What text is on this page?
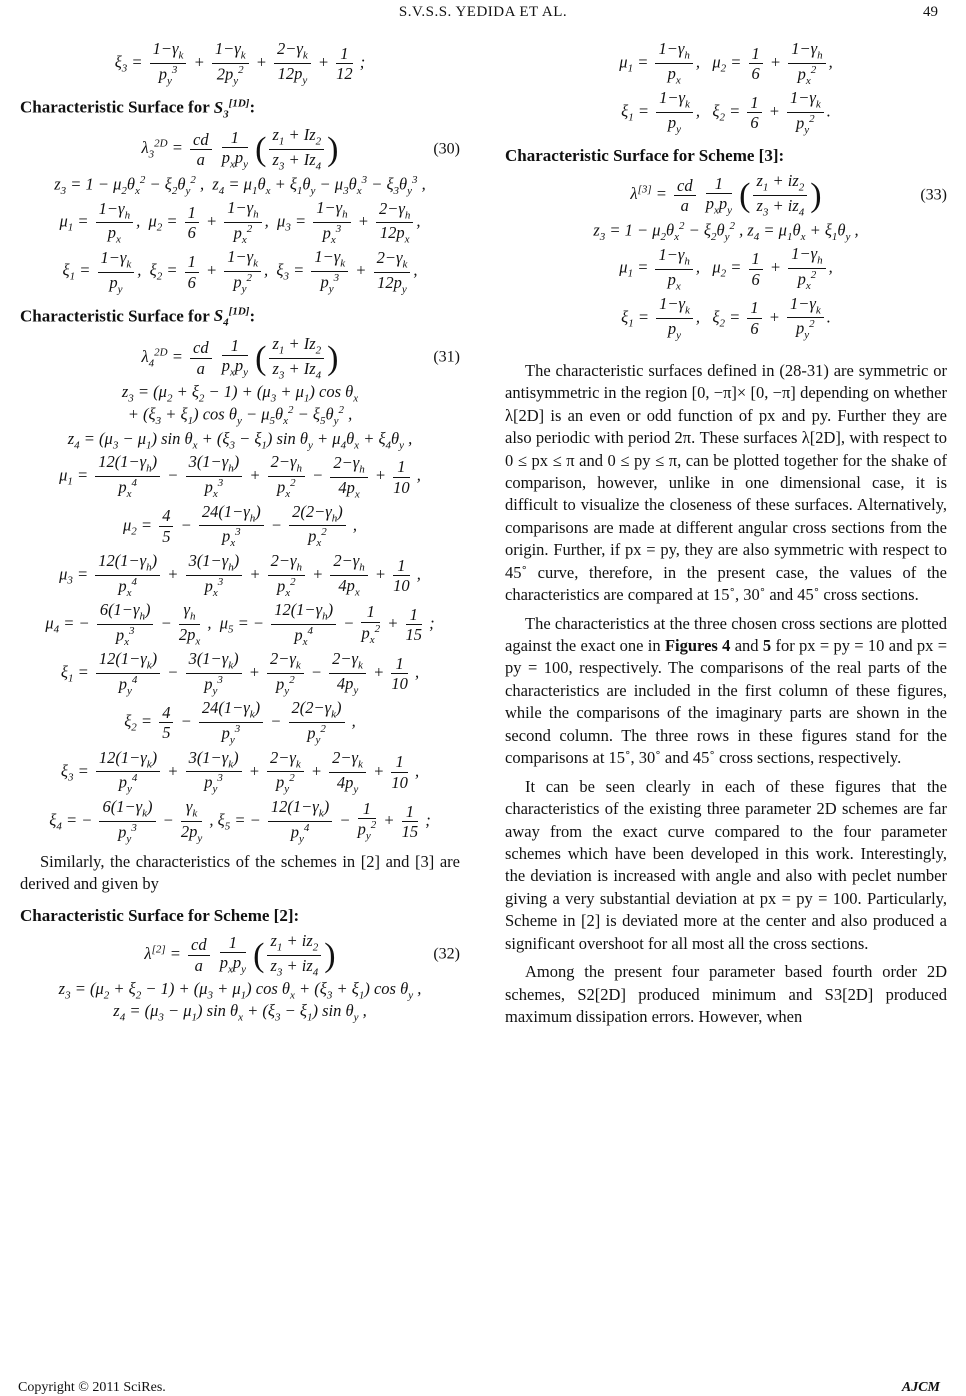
S.V.S.S. YEDIDA ET AL.	49
$\xi_3 = \frac{1-\gamma_k}{p_y^3} + \frac{1-\gamma_k}{2p_y^2} + \frac{2-\gamma_k}{12p_y} + \frac{1}{12}$ ;
Characteristic Surface for $S_3[1D]$:
$\lambda_3^{2D} = \frac{cd}{a}$
$\frac{1}{p_xp_y}$ ( $\frac{z_1 + Iz_2}{z_3 + Iz_4}$ )	(30)
$z_3 = 1 - \mu_2\theta_x^2 - \xi_2\theta_y^2$ ,  $z_4 = \mu_1\theta_x + \xi_1\theta_y - \mu_3\theta_x^3 - \xi_3\theta_y^3$ ,
$\mu_1 = \frac{1-\gamma_h}{p_x}$ ,  $\mu_2 = \frac{1}{6} + \frac{1-\gamma_h}{p_x^2}$ ,  $\mu_3 = \frac{1-\gamma_h}{p_x^3} + \frac{2-\gamma_h}{12p_x}$ ,
$\xi_1 = \frac{1-\gamma_k}{p_y}$ ,  $\xi_2 = \frac{1}{6} + \frac{1-\gamma_k}{p_y^2}$ ,  $\xi_3 = \frac{1-\gamma_k}{p_y^3} + \frac{2-\gamma_k}{12p_y}$ ,
Characteristic Surface for $S_4[1D]$:
$\lambda_4^{2D} = \frac{cd}{a}$
$\frac{1}{p_xp_y}$ ( $\frac{z_1 + Iz_2}{z_3 + Iz_4}$ )	(31)
$z_3 = (\mu_2 + \xi_2 - 1) + (\mu_3 + \mu_1)$ $\cos \theta_x$
+ $(\xi_3 + \xi_1)$ $\cos \theta_y - \mu_5\theta_x^2 - \xi_5\theta_y^2$ ,
$z_4 = (\mu_3 - \mu_1)$ $\sin \theta_x + (\xi_3 - \xi_1)$ $\sin \theta_y + \mu_4\theta_x + \xi_4\theta_y$ ,
$\mu_1 = \frac{12(1-\gamma_h)}{p_x^4} - \frac{3(1-\gamma_h)}{p_x^3} + \frac{2-\gamma_h}{p_x^2} - \frac{2-\gamma_h}{4p_x} + \frac{1}{10}$ ,
$\mu_2 = \frac{4}{5} - \frac{24(1-\gamma_h)}{p_x^3} - \frac{2(2-\gamma_h)}{p_x^2}$ ,
$\mu_3 = \frac{12(1-\gamma_h)}{p_x^4} + \frac{3(1-\gamma_h)}{p_x^3} + \frac{2-\gamma_h}{p_x^2} + \frac{2-\gamma_h}{4p_x} + \frac{1}{10}$ ,
$\mu_4$ = − $\frac{6(1-\gamma_h)}{p_x^3} - \frac{\gamma_h}{2p_x}$ ,  $\mu_5$ = − $\frac{12(1-\gamma_h)}{p_x^4} - \frac{1}{p_x^2} + \frac{1}{15}$ ;
$\xi_1 = \frac{12(1-\gamma_k)}{p_y^4} - \frac{3(1-\gamma_k)}{p_y^3} + \frac{2-\gamma_k}{p_y^2} - \frac{2-\gamma_k}{4p_y} + \frac{1}{10}$ ,
$\xi_2 = \frac{4}{5} - \frac{24(1-\gamma_k)}{p_y^3} - \frac{2(2-\gamma_k)}{p_y^2}$ ,
$\xi_3 = \frac{12(1-\gamma_k)}{p_y^4} + \frac{3(1-\gamma_k)}{p_y^3} + \frac{2-\gamma_k}{p_y^2} + \frac{2-\gamma_k}{4p_y} + \frac{1}{10}$ ,
$\xi_4$ = − $\frac{6(1-\gamma_k)}{p_y^3} - \frac{\gamma_k}{2p_y}$ , $\xi_5$ = − $\frac{12(1-\gamma_k)}{p_y^4} - \frac{1}{p_y^2} + \frac{1}{15}$ ;
Similarly, the characteristics of the schemes in [2] and [3] are derived and given by
Characteristic Surface for Scheme [2]:
$\lambda[2] = \frac{cd}{a}$
$\frac{1}{p_xp_y}$ ( $\frac{z_1 + iz_2}{z_3 + iz_4}$ )	(32)
$z_3 = (\mu_2 + \xi_2 - 1) + (\mu_3 + \mu_1)$ $\cos \theta_x + (\xi_3 + \xi_1)$ $\cos \theta_y$ ,
$z_4 = (\mu_3 - \mu_1)$ $\sin \theta_x + (\xi_3 - \xi_1)$ $\sin \theta_y$ ,
$\mu_1 = \frac{1-\gamma_h}{p_x}$ ,   $\mu_2 = \frac{1}{6} + \frac{1-\gamma_h}{p_x^2}$ ,
$\xi_1 = \frac{1-\gamma_k}{p_y}$ ,   $\xi_2 = \frac{1}{6} + \frac{1-\gamma_k}{p_y^2}$ .
Characteristic Surface for Scheme [3]:
$\lambda[3] = \frac{cd}{a}$
$\frac{1}{p_xp_y}$ ( $\frac{z_1 + iz_2}{z_3 + iz_4}$ )	(33)
$z_3 = 1 - \mu_2\theta_x^2 - \xi_2\theta_y^2$ , $z_4 = \mu_1\theta_x + \xi_1\theta_y$ ,
$\mu_1 = \frac{1-\gamma_h}{p_x}$ ,   $\mu_2 = \frac{1}{6} + \frac{1-\gamma_h}{p_x^2}$ ,
$\xi_1 = \frac{1-\gamma_k}{p_y}$ ,   $\xi_2 = \frac{1}{6} + \frac{1-\gamma_k}{p_y^2}$ .
The characteristic surfaces defined in (28-31) are symmetric or antisymmetric in the region [0, −π]× [0, −π] depending on whether λ[2D] is an even or odd function of px and py. Further they are also periodic with period 2π. These surfaces λ[2D], with respect to 0 ≤ px ≤ π and 0 ≤ py ≤ π, can be plotted together for the shake of comparison, however, unlike in one dimensional case, it is difficult to visualize the closeness of these surfaces. Alternatively, comparisons are made at different angular cross sections from the origin. Further, if px = py, they are also symmetric with respect to 45˚ curve, therefore, in the present case, the values of the characteristics are compared at 15˚, 30˚ and 45˚ cross sections.
The characteristics at the three chosen cross sections are plotted against the exact one in Figures 4 and 5 for px = py = 10 and px = py = 100, respectively. The comparisons of the real parts of the characteristics are included in the first column of these figures, while the comparisons of the imaginary parts are shown in the second column. The three rows in these figures stand for the comparisons at 15˚, 30˚ and 45˚ cross sections, respectively.
It can be seen clearly in each of these figures that the characteristics of the existing three parameter 2D schemes are far away from the exact curve compared to the four parameter schemes which have been developed in this work. Interestingly, the deviation is increased with angle and also with peclet number giving a very substantial deviation at px = py = 100. Particularly, Scheme in [2] is deviated more at the center and also produced a significant overshoot for all most all the cross sections.
Among the present four parameter based fourth order 2D schemes, S2[2D] produced minimum and S3[2D] produced maximum dissipation errors. However, when
Copyright © 2011 SciRes.	AJCM
